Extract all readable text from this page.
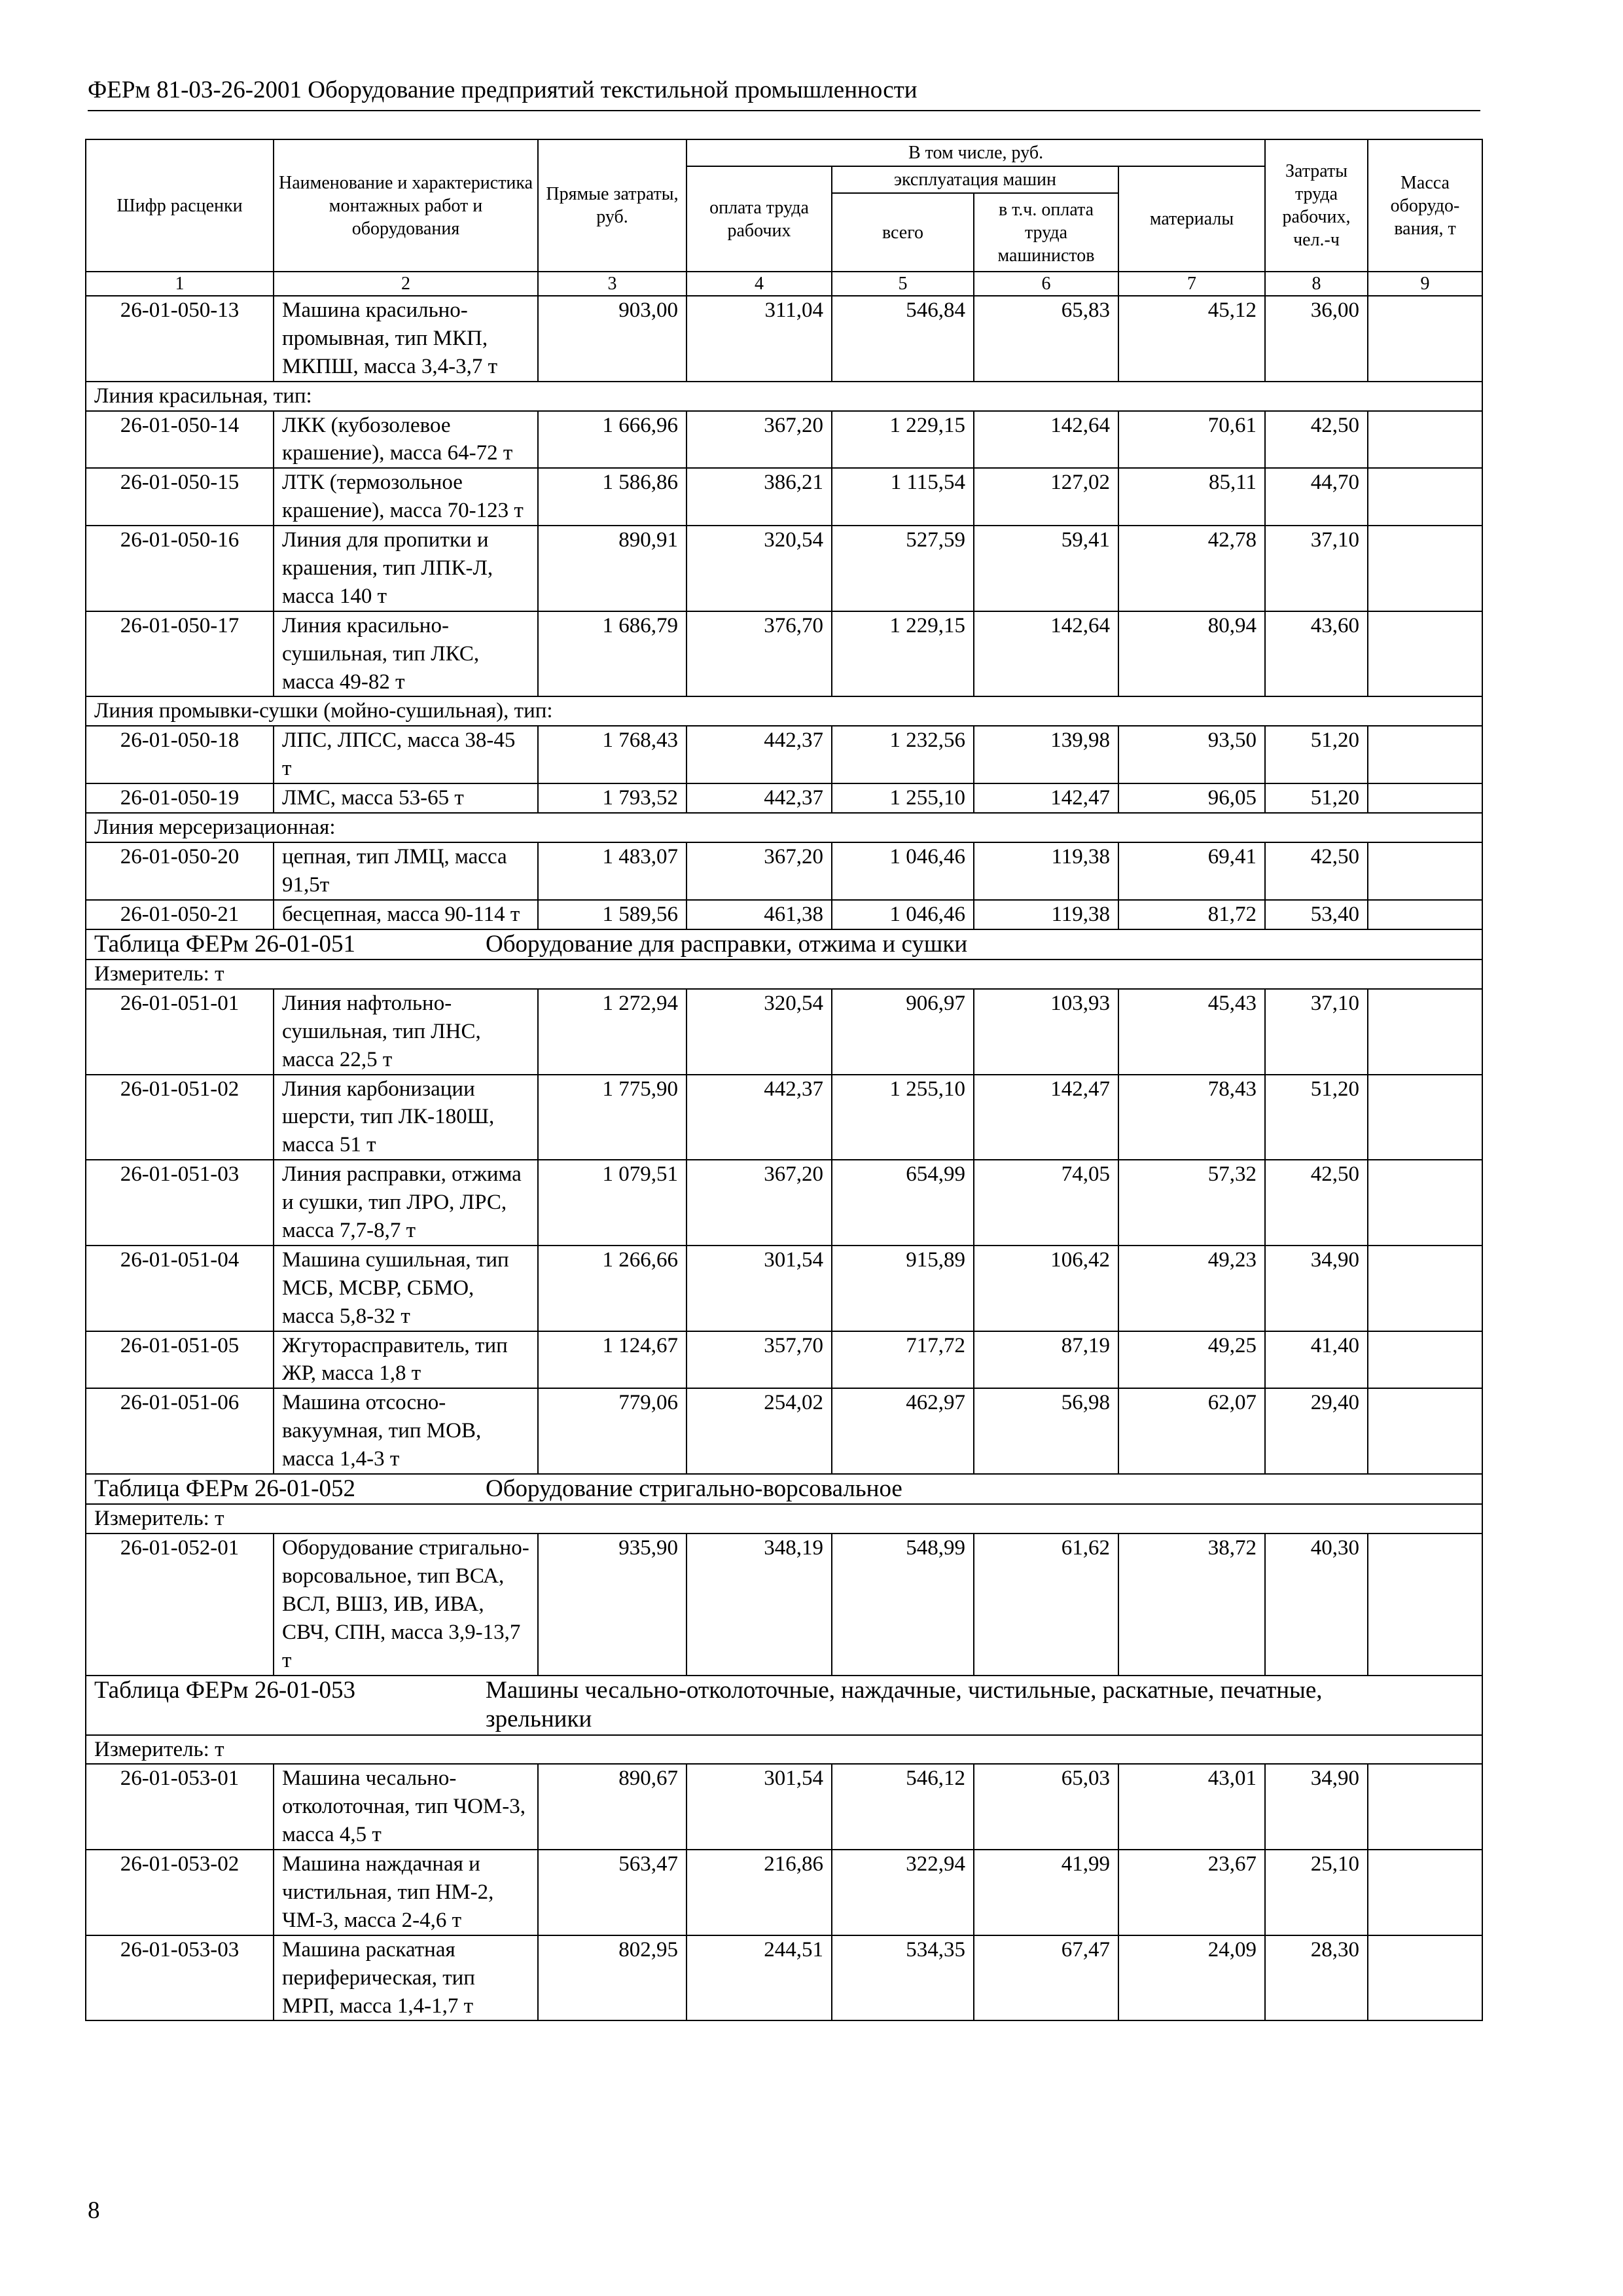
ФЕРм 81-03-26-2001 Оборудование предприятий текстильной промышленности
Шифр расценки	Наименование и характеристика монтажных работ и оборудования	Прямые затраты, руб.	В том числе, руб.				Затраты труда рабочих, чел.-ч	Масса оборудо-вания, т
			оплата труда рабочих	эксплуатация машин		материалы		
				всего	в т.ч. оплата труда машинистов			
1	2	3	4	5	6	7	8	9
26-01-050-13	Машина красильно-промывная, тип МКП, МКПШ, масса 3,4-3,7 т	903,00	311,04	546,84	65,83	45,12	36,00	
Линия красильная, тип:								
26-01-050-14	ЛКК (кубозолевое крашение), масса 64-72 т	1 666,96	367,20	1 229,15	142,64	70,61	42,50	
26-01-050-15	ЛТК (термозольное крашение), масса 70-123 т	1 586,86	386,21	1 115,54	127,02	85,11	44,70	
26-01-050-16	Линия для пропитки и крашения, тип ЛПК-Л, масса 140 т	890,91	320,54	527,59	59,41	42,78	37,10	
26-01-050-17	Линия красильно-сушильная, тип ЛКС, масса 49-82 т	1 686,79	376,70	1 229,15	142,64	80,94	43,60	
Линия промывки-сушки (мойно-сушильная), тип:								
26-01-050-18	ЛПС, ЛПСС, масса 38-45 т	1 768,43	442,37	1 232,56	139,98	93,50	51,20	
26-01-050-19	ЛМС, масса 53-65 т	1 793,52	442,37	1 255,10	142,47	96,05	51,20	
Линия мерсеризационная:								
26-01-050-20	цепная, тип ЛМЦ, масса 91,5т	1 483,07	367,20	1 046,46	119,38	69,41	42,50	
26-01-050-21	бесцепная, масса 90-114 т	1 589,56	461,38	1 046,46	119,38	81,72	53,40	
Таблица ФЕРм 26-01-051 Оборудование для расправки, отжима и сушки								
Измеритель: т								
26-01-051-01	Линия нафтольно-сушильная, тип ЛНС, масса 22,5 т	1 272,94	320,54	906,97	103,93	45,43	37,10	
26-01-051-02	Линия карбонизации шерсти, тип ЛК-180Ш, масса 51 т	1 775,90	442,37	1 255,10	142,47	78,43	51,20	
26-01-051-03	Линия расправки, отжима и сушки, тип ЛРО, ЛРС, масса 7,7-8,7 т	1 079,51	367,20	654,99	74,05	57,32	42,50	
26-01-051-04	Машина сушильная, тип МСБ, МСВР, СБМО, масса 5,8-32 т	1 266,66	301,54	915,89	106,42	49,23	34,90	
26-01-051-05	Жгутораспрaвитель, тип ЖР, масса 1,8 т	1 124,67	357,70	717,72	87,19	49,25	41,40	
26-01-051-06	Машина отсосно-вакуумная, тип МОВ, масса 1,4-3 т	779,06	254,02	462,97	56,98	62,07	29,40	
Таблица ФЕРм 26-01-052 Оборудование стригально-ворсовальное								
Измеритель: т								
26-01-052-01	Оборудование стригально-ворсовальное, тип ВСА, ВСЛ, ВШЗ, ИВ, ИВА, СВЧ, СПН, масса 3,9-13,7 т	935,90	348,19	548,99	61,62	38,72	40,30	
Таблица ФЕРм 26-01-053 Машины чесально-отколоточные, наждачные, чистильные, раскатные, печатные, зрельники								
Измеритель: т								
26-01-053-01	Машина чесально-отколоточная, тип ЧОМ-3, масса 4,5 т	890,67	301,54	546,12	65,03	43,01	34,90	
26-01-053-02	Машина наждачная и чистильная, тип НМ-2, ЧМ-3, масса 2-4,6 т	563,47	216,86	322,94	41,99	23,67	25,10	
26-01-053-03	Машина раскатная периферическая, тип МРП, масса 1,4-1,7 т	802,95	244,51	534,35	67,47	24,09	28,30	
8
